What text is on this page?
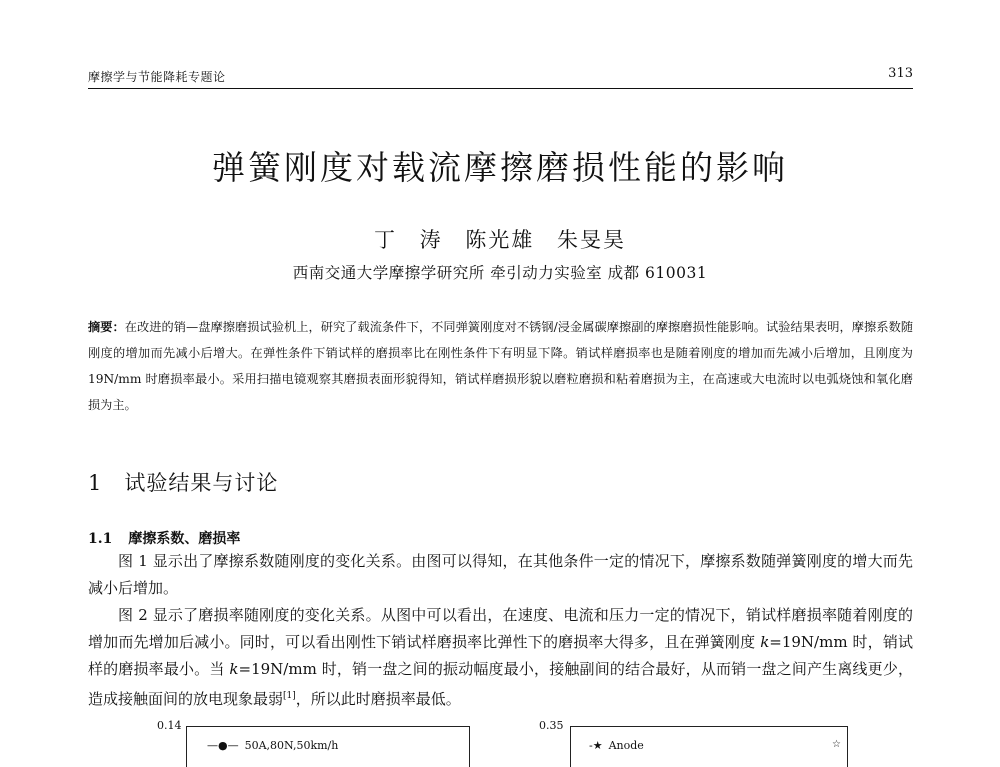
摩擦学与节能降耗专题论	313
弹簧刚度对载流摩擦磨损性能的影响
丁 涛 陈光雄 朱旻昊
西南交通大学摩擦学研究所 牵引动力实验室 成都 610031
摘要：在改进的销—盘摩擦磨损试验机上，研究了载流条件下，不同弹簧刚度对不锈钢/浸金属碳摩擦副的摩擦磨损性能影响。试验结果表明，摩擦系数随刚度的增加而先减小后增大。在弹性条件下销试样的磨损率比在刚性条件下有明显下降。销试样磨损率也是随着刚度的增加而先减小后增加，且刚度为 19N/mm 时磨损率最小。采用扫描电镜观察其磨损表面形貌得知，销试样磨损形貌以磨粒磨损和粘着磨损为主，在高速或大电流时以电弧烧蚀和氧化磨损为主。
1 试验结果与讨论
1.1 摩擦系数、磨损率
图 1 显示出了摩擦系数随刚度的变化关系。由图可以得知，在其他条件一定的情况下，摩擦系数随弹簧刚度的增大而先减小后增加。
图 2 显示了磨损率随刚度的变化关系。从图中可以看出，在速度、电流和压力一定的情况下，销试样磨损率随着刚度的增加而先增加后减小。同时，可以看出刚性下销试样磨损率比弹性下的磨损率大得多，且在弹簧刚度 k=19N/mm 时，销试样的磨损率最小。当 k=19N/mm 时，销一盘之间的振动幅度最小，接触副间的结合最好，从而销一盘之间产生离线更少，造成接触面间的放电现象最弱[1]，所以此时磨损率最低。
0.14
—●— 50A,80N,50km/h
0.35
-★ Anode	☆
